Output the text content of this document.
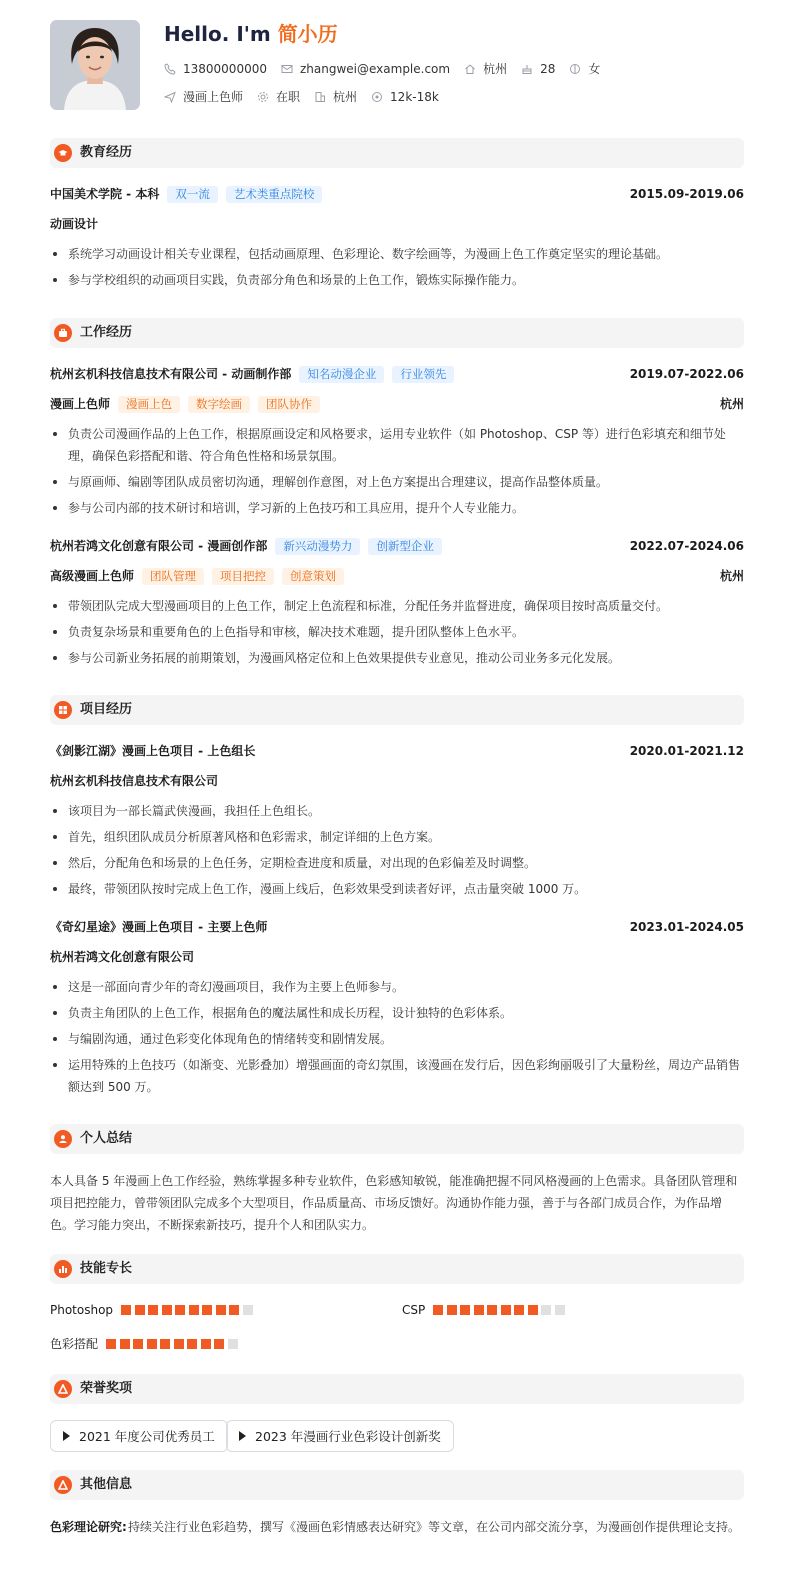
Hello. I'm 简小历
13800000000	zhangwei@example.com	杭州	28	女
漫画上色师	在职	杭州	12k-18k
教育经历
中国美术学院 - 本科	双一流	艺术类重点院校	2015.09-2019.06
动画设计
系统学习动画设计相关专业课程，包括动画原理、色彩理论、数字绘画等，为漫画上色工作奠定坚实的理论基础。
参与学校组织的动画项目实践，负责部分角色和场景的上色工作，锻炼实际操作能力。
工作经历
杭州玄机科技信息技术有限公司 - 动画制作部	知名动漫企业	行业领先	2019.07-2022.06
漫画上色师	漫画上色	数字绘画	团队协作	杭州
负责公司漫画作品的上色工作，根据原画设定和风格要求，运用专业软件（如 Photoshop、CSP 等）进行色彩填充和细节处理，确保色彩搭配和谐、符合角色性格和场景氛围。
与原画师、编剧等团队成员密切沟通，理解创作意图，对上色方案提出合理建议，提高作品整体质量。
参与公司内部的技术研讨和培训，学习新的上色技巧和工具应用，提升个人专业能力。
杭州若鸿文化创意有限公司 - 漫画创作部	新兴动漫势力	创新型企业	2022.07-2024.06
高级漫画上色师	团队管理	项目把控	创意策划	杭州
带领团队完成大型漫画项目的上色工作，制定上色流程和标准，分配任务并监督进度，确保项目按时高质量交付。
负责复杂场景和重要角色的上色指导和审核，解决技术难题，提升团队整体上色水平。
参与公司新业务拓展的前期策划，为漫画风格定位和上色效果提供专业意见，推动公司业务多元化发展。
项目经历
《剑影江湖》漫画上色项目 - 上色组长	2020.01-2021.12
杭州玄机科技信息技术有限公司
该项目为一部长篇武侠漫画，我担任上色组长。
首先，组织团队成员分析原著风格和色彩需求，制定详细的上色方案。
然后，分配角色和场景的上色任务，定期检查进度和质量，对出现的色彩偏差及时调整。
最终，带领团队按时完成上色工作，漫画上线后，色彩效果受到读者好评，点击量突破 1000 万。
《奇幻星途》漫画上色项目 - 主要上色师	2023.01-2024.05
杭州若鸿文化创意有限公司
这是一部面向青少年的奇幻漫画项目，我作为主要上色师参与。
负责主角团队的上色工作，根据角色的魔法属性和成长历程，设计独特的色彩体系。
与编剧沟通，通过色彩变化体现角色的情绪转变和剧情发展。
运用特殊的上色技巧（如渐变、光影叠加）增强画面的奇幻氛围，该漫画在发行后，因色彩绚丽吸引了大量粉丝，周边产品销售额达到 500 万。
个人总结
本人具备 5 年漫画上色工作经验，熟练掌握多种专业软件，色彩感知敏锐，能准确把握不同风格漫画的上色需求。具备团队管理和项目把控能力，曾带领团队完成多个大型项目，作品质量高、市场反馈好。沟通协作能力强，善于与各部门成员合作，为作品增色。学习能力突出，不断探索新技巧，提升个人和团队实力。
技能专长
Photoshop	CSP
色彩搭配
荣誉奖项
2021 年度公司优秀员工	2023 年漫画行业色彩设计创新奖
其他信息
色彩理论研究: 持续关注行业色彩趋势，撰写《漫画色彩情感表达研究》等文章，在公司内部交流分享，为漫画创作提供理论支持。
